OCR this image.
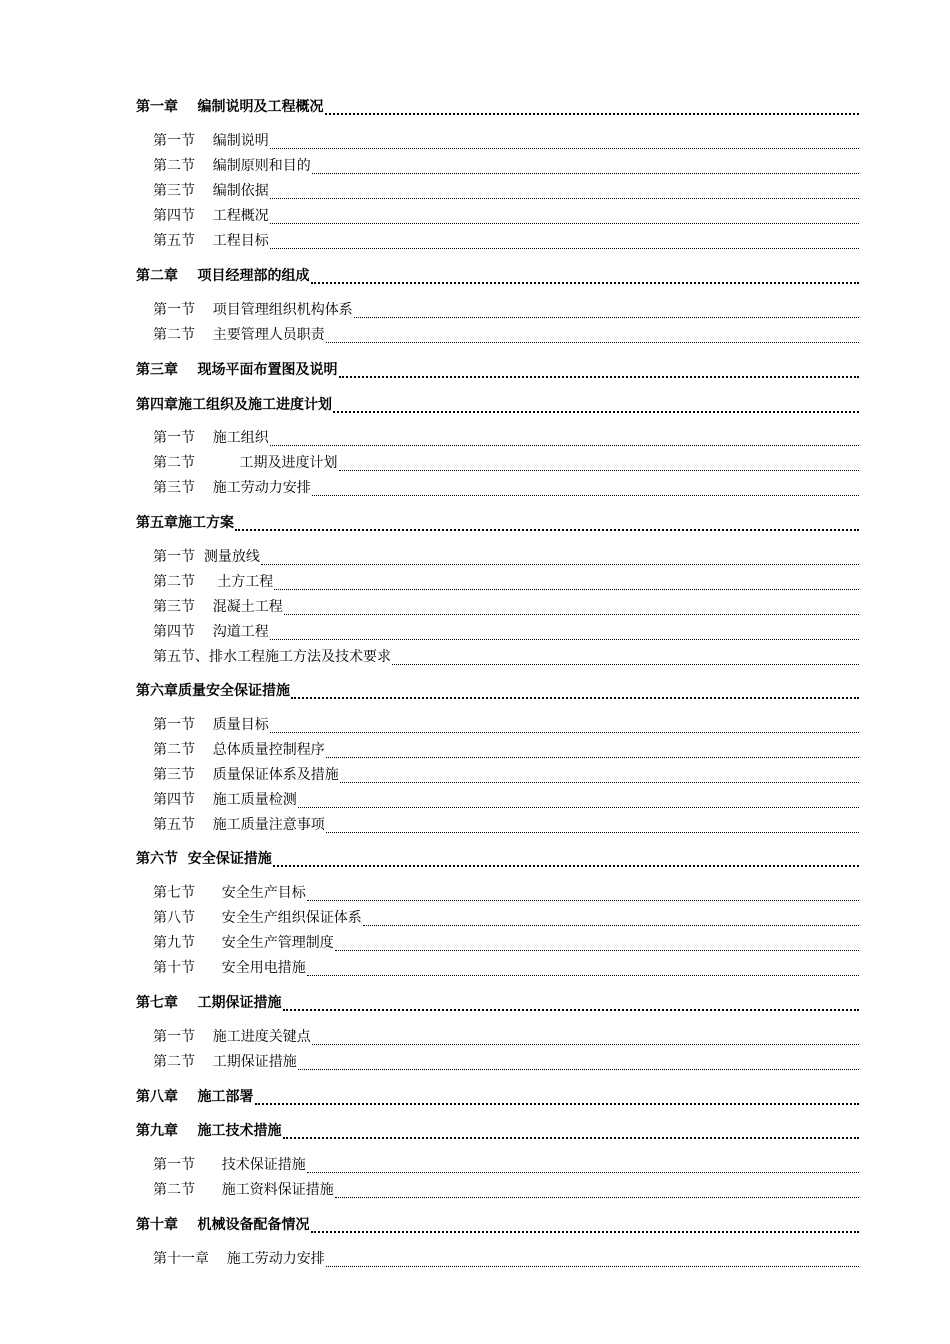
第一章    编制说明及工程概况
第一节    编制说明
第二节    编制原则和目的
第三节    编制依据
第四节    工程概况
第五节    工程目标
第二章    项目经理部的组成
第一节    项目管理组织机构体系
第二节    主要管理人员职责
第三章    现场平面布置图及说明
第四章施工组织及施工进度计划
第一节    施工组织
第二节          工期及进度计划
第三节    施工劳动力安排
第五章施工方案
第一节  测量放线
第二节     土方工程
第三节    混凝土工程
第四节    沟道工程
第五节、排水工程施工方法及技术要求
第六章质量安全保证措施
第一节    质量目标
第二节    总体质量控制程序
第三节    质量保证体系及措施
第四节    施工质量检测
第五节    施工质量注意事项
第六节  安全保证措施
第七节      安全生产目标
第八节      安全生产组织保证体系
第九节      安全生产管理制度
第十节      安全用电措施
第七章    工期保证措施
第一节    施工进度关键点
第二节    工期保证措施
第八章    施工部署
第九章    施工技术措施
第一节      技术保证措施
第二节      施工资料保证措施
第十章    机械设备配备情况
第十一章    施工劳动力安排
